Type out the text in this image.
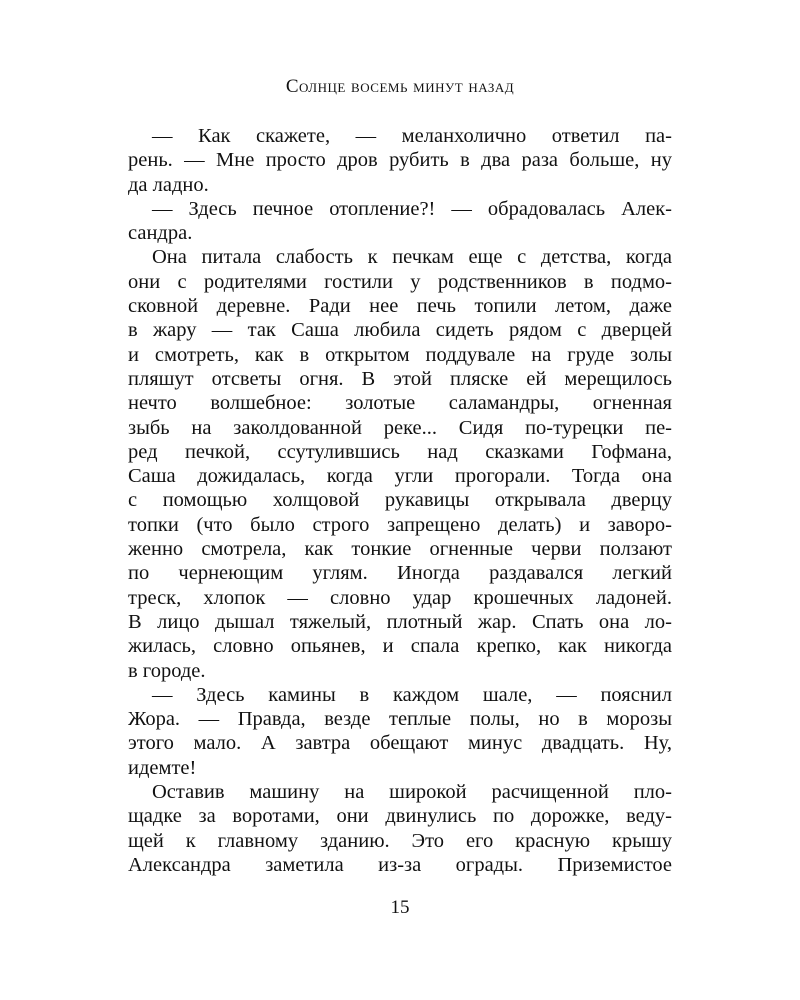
Солнце восемь минут назад
— Как скажете, — меланхолично ответил па-
рень. — Мне просто дров рубить в два раза больше, ну
да ладно.
— Здесь печное отопление?! — обрадовалась Алек-
сандра.
Она питала слабость к печкам еще с детства, когда
они с родителями гостили у родственников в подмо-
сковной деревне. Ради нее печь топили летом, даже
в жару — так Саша любила сидеть рядом с дверцей
и смотреть, как в открытом поддувале на груде золы
пляшут отсветы огня. В этой пляске ей мерещилось
нечто волшебное: золотые саламандры, огненная
зыбь на заколдованной реке... Сидя по-турецки пе-
ред печкой, ссутулившись над сказками Гофмана,
Саша дожидалась, когда угли прогорали. Тогда она
с помощью холщовой рукавицы открывала дверцу
топки (что было строго запрещено делать) и заворо-
женно смотрела, как тонкие огненные черви ползают
по чернеющим углям. Иногда раздавался легкий
треск, хлопок — словно удар крошечных ладоней.
В лицо дышал тяжелый, плотный жар. Спать она ло-
жилась, словно опьянев, и спала крепко, как никогда
в городе.
— Здесь камины в каждом шале, — пояснил
Жора. — Правда, везде теплые полы, но в морозы
этого мало. А завтра обещают минус двадцать. Ну,
идемте!
Оставив машину на широкой расчищенной пло-
щадке за воротами, они двинулись по дорожке, веду-
щей к главному зданию. Это его красную крышу
Александра заметила из-за ограды. Приземистое
15
